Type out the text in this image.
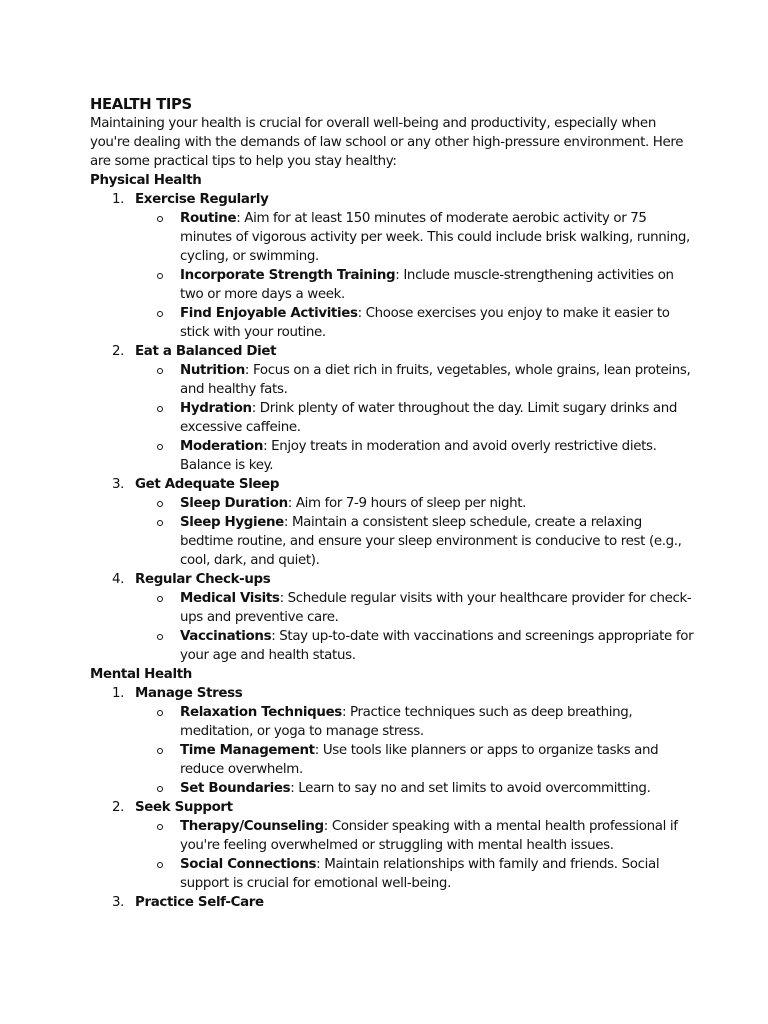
HEALTH TIPS

Maintaining your health is crucial for overall well-being and productivity, especially when you're dealing with the demands of law school or any other high-pressure environment. Here are some practical tips to help you stay healthy:

Physical Health

1. Exercise Regularly
Routine: Aim for at least 150 minutes of moderate aerobic activity or 75 minutes of vigorous activity per week. This could include brisk walking, running, cycling, or swimming.
Incorporate Strength Training: Include muscle-strengthening activities on two or more days a week.
Find Enjoyable Activities: Choose exercises you enjoy to make it easier to stick with your routine.
2. Eat a Balanced Diet
Nutrition: Focus on a diet rich in fruits, vegetables, whole grains, lean proteins, and healthy fats.
Hydration: Drink plenty of water throughout the day. Limit sugary drinks and excessive caffeine.
Moderation: Enjoy treats in moderation and avoid overly restrictive diets. Balance is key.
3. Get Adequate Sleep
Sleep Duration: Aim for 7-9 hours of sleep per night.
Sleep Hygiene: Maintain a consistent sleep schedule, create a relaxing bedtime routine, and ensure your sleep environment is conducive to rest (e.g., cool, dark, and quiet).
4. Regular Check-ups
Medical Visits: Schedule regular visits with your healthcare provider for check-ups and preventive care.
Vaccinations: Stay up-to-date with vaccinations and screenings appropriate for your age and health status.

Mental Health

1. Manage Stress
Relaxation Techniques: Practice techniques such as deep breathing, meditation, or yoga to manage stress.
Time Management: Use tools like planners or apps to organize tasks and reduce overwhelm.
Set Boundaries: Learn to say no and set limits to avoid overcommitting.
2. Seek Support
Therapy/Counseling: Consider speaking with a mental health professional if you're feeling overwhelmed or struggling with mental health issues.
Social Connections: Maintain relationships with family and friends. Social support is crucial for emotional well-being.
3. Practice Self-Care
